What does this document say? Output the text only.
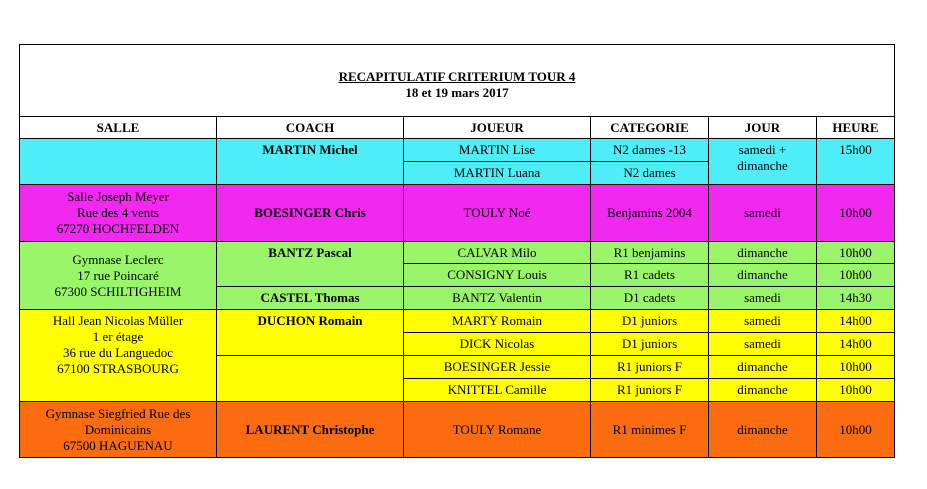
RECAPITULATIF CRITERIUM TOUR 4
18 et 19 mars 2017					

SALLE	COACH	JOUEUR	CATEGORIE	JOUR	HEURE
	MARTIN Michel	MARTIN Lise	N2 dames -13	samedi + dimanche	15h00
		MARTIN Luana	N2 dames		

Salle Joseph Meyer
Rue des 4 vents
67270 HOCHFELDEN	BOESINGER Chris	TOULY Noé	Benjamins 2004	samedi	10h00

Gymnase Leclerc
17 rue Poincaré
67300 SCHILTIGHEIM	BANTZ Pascal	CALVAR Milo	R1 benjamins	dimanche	10h00
		CONSIGNY Louis	R1 cadets	dimanche	10h00
	CASTEL Thomas	BANTZ Valentin	D1 cadets	samedi	14h30

Hall Jean Nicolas Müller
1 er étage
36 rue du Languedoc
67100 STRASBOURG	DUCHON Romain	MARTY Romain	D1 juniors	samedi	14h00
		DICK Nicolas	D1 juniors	samedi	14h00
		BOESINGER Jessie	R1 juniors F	dimanche	10h00
		KNITTEL Camille	R1 juniors F	dimanche	10h00

Gymnase Siegfried Rue des
Dominicains
67500 HAGUENAU	LAURENT Christophe	TOULY Romane	R1 minimes F	dimanche	10h00
